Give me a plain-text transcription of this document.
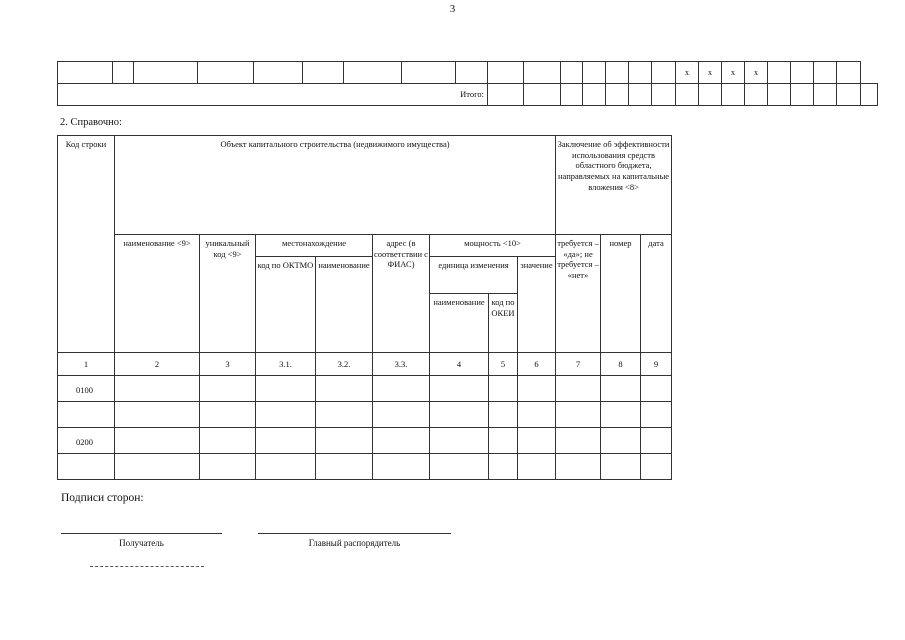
3
																x	x	x	x					
Итого:																								
2. Справочно:
Код строки	Объект капитального строительства (недвижимого имущества)								Заключение об эффективности использования средств областного бюджета, направляемых на капитальные вложения <8>		
	наименование <9>	уникальный код <9>	местонахождение		адрес (в соответствии с ФИАС)	мощность <10>			требуется – «да»; не требуется – «нет»	номер	дата
			код по ОКТМО	наименование		единица изменения		значение			
						наименование	код по ОКЕИ				
1	2	3	3.1.	3.2.	3.3.	4	5	6	7	8	9
0100											

0200											

Подписи сторон:
Получатель	Главный распорядитель
